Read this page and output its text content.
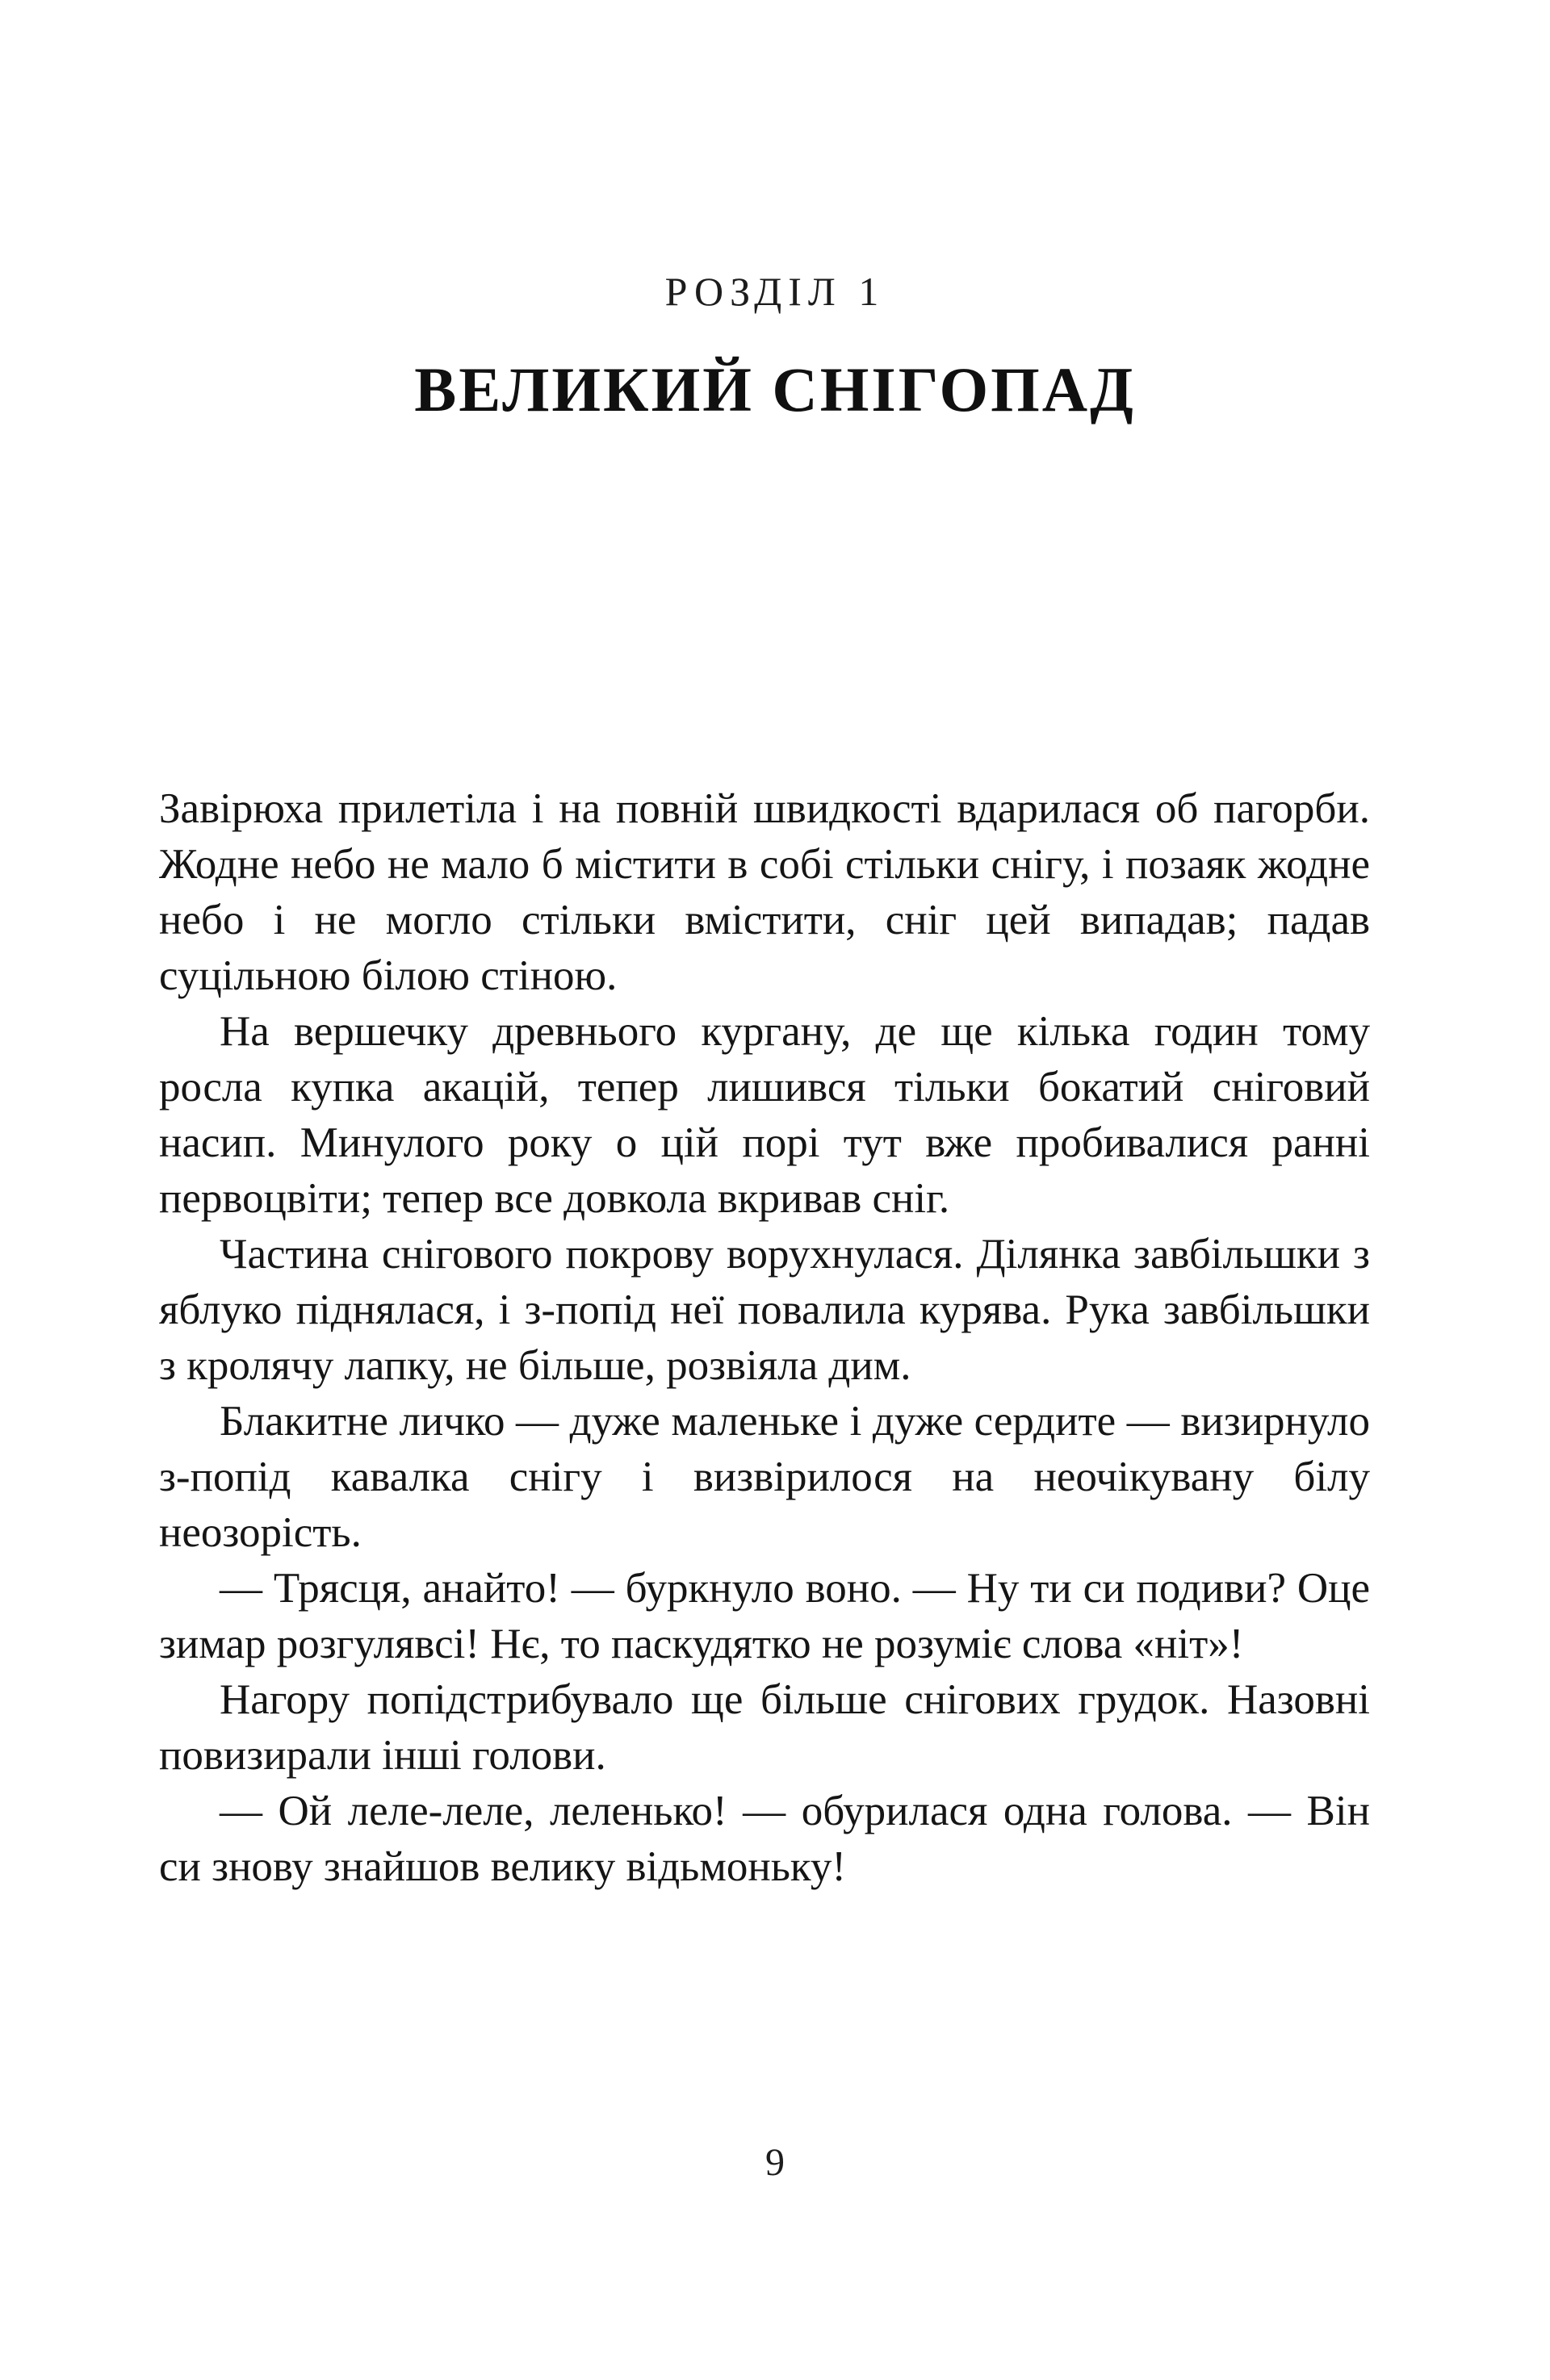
РОЗДІЛ 1
ВЕЛИКИЙ СНІГОПАД

Завірюха прилетіла і на повній швидкості вдарилася об пагорби. Жодне небо не мало б містити в собі стільки снігу, і позаяк жодне небо і не могло стільки вмістити, сніг цей випадав; падав суцільною білою стіною.

На вершечку древнього кургану, де ще кілька годин тому росла купка акацій, тепер лишився тільки бокатий сніговий насип. Минулого року о цій порі тут вже пробивалися ранні первоцвіти; тепер все довкола вкривав сніг.

Частина снігового покрову ворухнулася. Ділянка завбільшки з яблуко піднялася, і з-попід неї повалила курява. Рука завбільшки з кролячу лапку, не більше, розвіяла дим.

Блакитне личко — дуже маленьке і дуже сердите — визирнуло з-попід кавалка снігу і визвірилося на неочікувану білу неозорість.

— Трясця, анайто! — буркнуло воно. — Ну ти си подиви? Оце зимар розгулявсі! Нє, то паскудятко не розуміє слова «ніт»!

Нагору попідстрибувало ще більше снігових грудок. Назовні повизирали інші голови.

— Ой леле-леле, леленько! — обурилася одна голова. — Він си знову знайшов велику відьмоньку!

9
